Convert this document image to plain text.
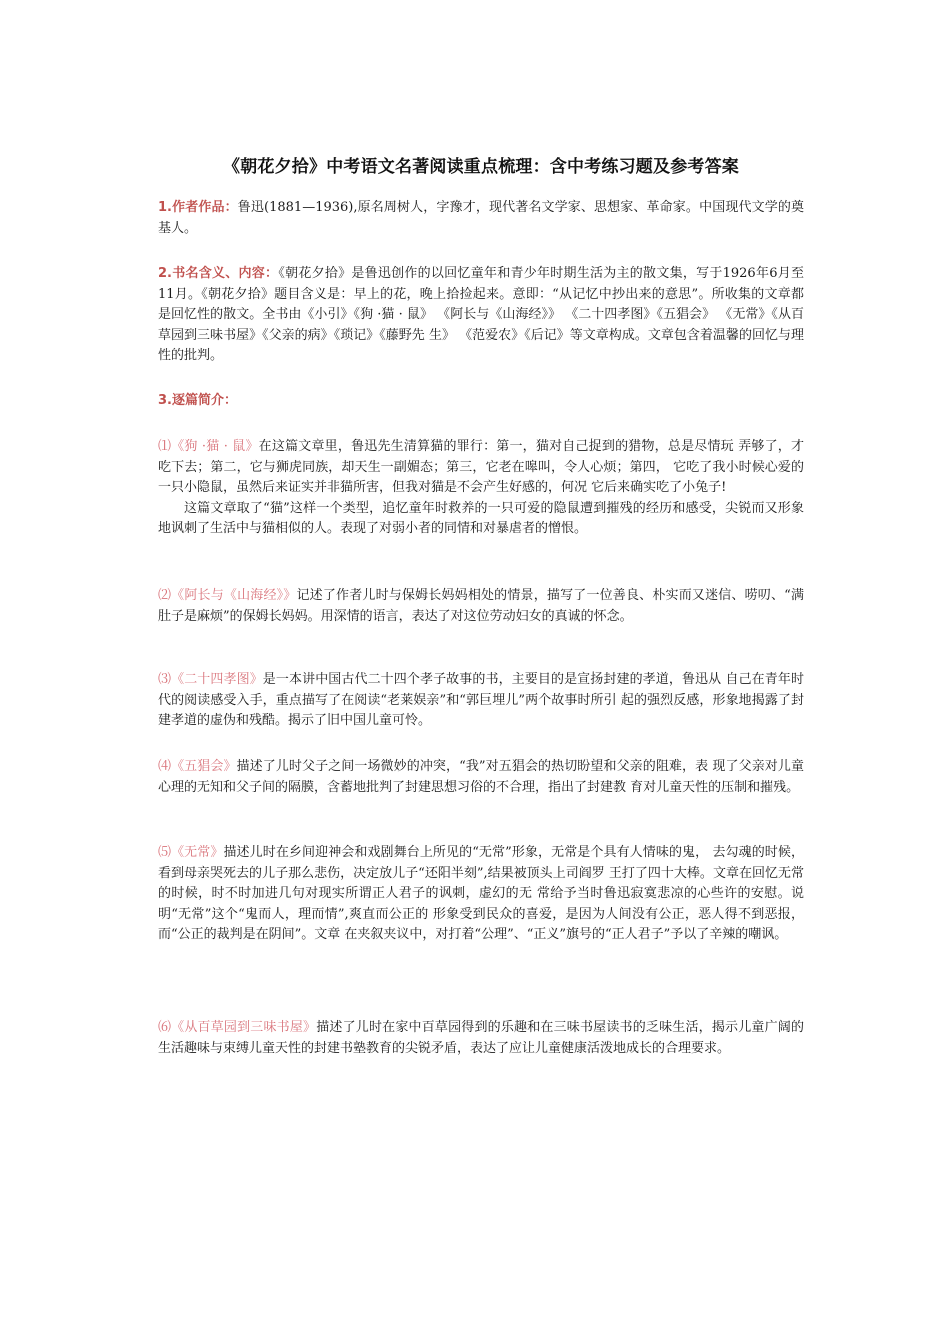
《朝花夕拾》中考语文名著阅读重点梳理：含中考练习题及参考答案

1.作者作品：鲁迅(1881—1936),原名周树人，字豫才，现代著名文学家、思想家、革命家。中国现代文学的奠基人。

2.书名含义、内容：《朝花夕拾》是鲁迅创作的以回忆童年和青少年时期生活为主的散文集，写于1926年6月至11月。《朝花夕拾》题目含义是：早上的花，晚上拾捡起来。意即：“从记忆中抄出来的意思”。所收集的文章都是回忆性的散文。全书由《小引》《狗 ·猫 · 鼠》 《阿长与《山海经》》 《二十四孝图》《五猖会》 《无常》《从百草园到三味书屋》《父亲的病》《琐记》《藤野先 生》 《范爱农》《后记》等文章构成。文章包含着温馨的回忆与理性的批判。

3.逐篇简介：

⑴《狗 ·猫 · 鼠》在这篇文章里，鲁迅先生清算猫的罪行：第一，猫对自己捉到的猎物，总是尽情玩 弄够了，才吃下去；第二，它与狮虎同族，却天生一副媚态；第三，它老在嗥叫，令人心烦；第四， 它吃了我小时候心爱的一只小隐鼠，虽然后来证实并非猫所害，但我对猫是不会产生好感的，何况 它后来确实吃了小兔子!

这篇文章取了“猫”这样一个类型，追忆童年时救养的一只可爱的隐鼠遭到摧残的经历和感受，尖锐而又形象地讽刺了生活中与猫相似的人。表现了对弱小者的同情和对暴虐者的憎恨。

⑵《阿长与《山海经》》记述了作者儿时与保姆长妈妈相处的情景，描写了一位善良、朴实而又迷信、唠叨、“满肚子是麻烦”的保姆长妈妈。用深情的语言，表达了对这位劳动妇女的真诚的怀念。

⑶《二十四孝图》是一本讲中国古代二十四个孝子故事的书，主要目的是宣扬封建的孝道，鲁迅从 自己在青年时代的阅读感受入手，重点描写了在阅读“老莱娱亲”和“郭巨埋儿”两个故事时所引 起的强烈反感，形象地揭露了封建孝道的虚伪和残酷。揭示了旧中国儿童可怜。

⑷《五猖会》描述了儿时父子之间一场微妙的冲突，“我”对五猖会的热切盼望和父亲的阻难，表 现了父亲对儿童心理的无知和父子间的隔膜，含蓄地批判了封建思想习俗的不合理，指出了封建教 育对儿童天性的压制和摧残。

⑸《无常》描述儿时在乡间迎神会和戏剧舞台上所见的“无常”形象，无常是个具有人情味的鬼， 去勾魂的时候，看到母亲哭死去的儿子那么悲伤，决定放儿子“还阳半刻”,结果被顶头上司阎罗 王打了四十大棒。文章在回忆无常的时候，时不时加进几句对现实所谓正人君子的讽刺，虚幻的无 常给予当时鲁迅寂寞悲凉的心些许的安慰。说明“无常”这个“鬼而人，理而情”,爽直而公正的 形象受到民众的喜爱，是因为人间没有公正，恶人得不到恶报，而“公正的裁判是在阴间”。文章 在夹叙夹议中，对打着“公理”、“正义”旗号的“正人君子”予以了辛辣的嘲讽。

⑹《从百草园到三味书屋》描述了儿时在家中百草园得到的乐趣和在三味书屋读书的乏味生活，揭示儿童广阔的生活趣味与束缚儿童天性的封建书塾教育的尖锐矛盾，表达了应让儿童健康活泼地成长的合理要求。
